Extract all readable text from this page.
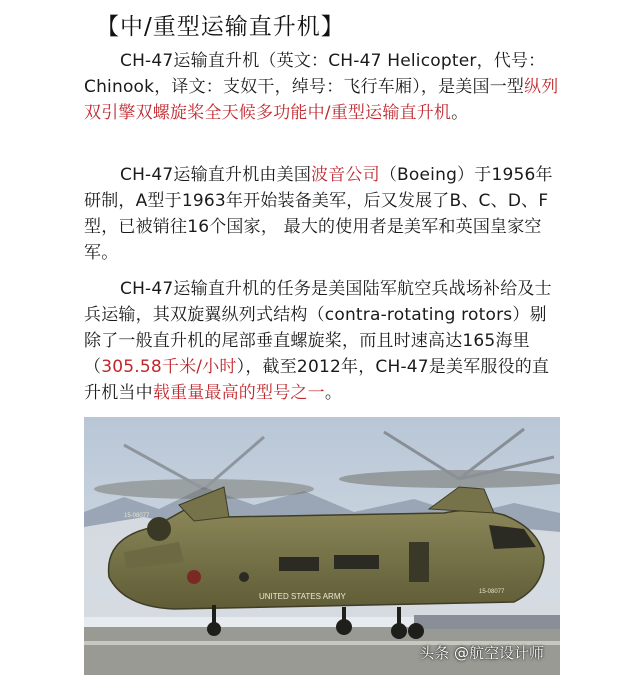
【中/重型运输直升机】

CH-47运输直升机（英文：CH-47 Helicopter，代号：Chinook，译文：支奴干，绰号：飞行车厢），是美国一型纵列双引擎双螺旋桨全天候多功能中/重型运输直升机。

CH-47运输直升机由美国波音公司（Boeing）于1956年研制，A型于1963年开始装备美军，后又发展了B、C、D、F型，已被销往16个国家， 最大的使用者是美军和英国皇家空军。

CH-47运输直升机的任务是美国陆军航空兵战场补给及士兵运输，其双旋翼纵列式结构（contra-rotating rotors）剔除了一般直升机的尾部垂直螺旋桨，而且时速高达165海里（305.58千米/小时），截至2012年，CH-47是美军服役的直升机当中载重量最高的型号之一。

UNITED STATES ARMY
15-08077
15-08077
头条 @航空设计师
